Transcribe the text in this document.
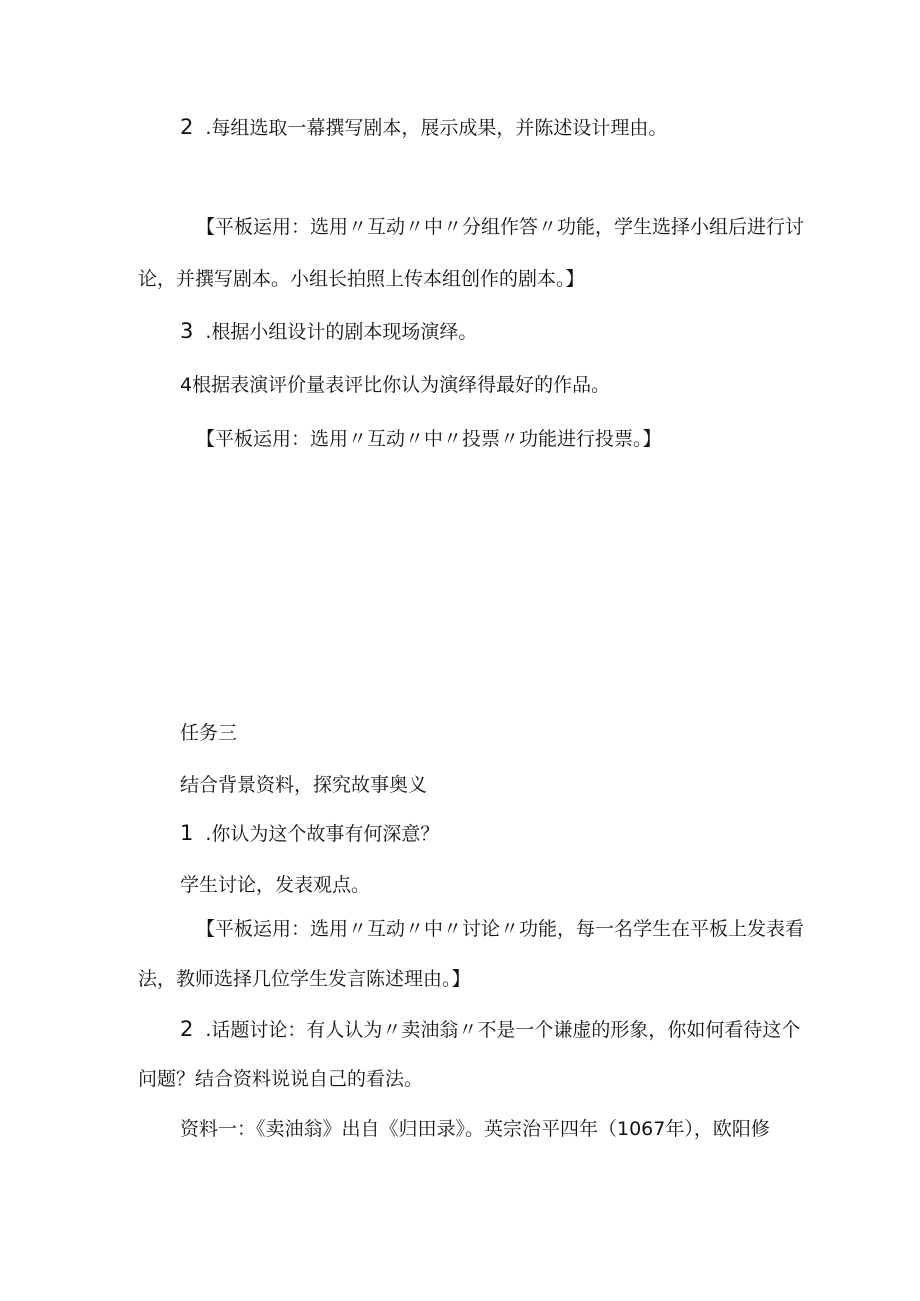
2 .每组选取一幕撰写剧本，展示成果，并陈述设计理由。
【平板运用：选用〃互动〃中〃分组作答〃功能，学生选择小组后进行讨
论，并撰写剧本。小组长拍照上传本组创作的剧本。】
3 .根据小组设计的剧本现场演绎。
4根据表演评价量表评比你认为演绎得最好的作品。
【平板运用：选用〃互动〃中〃投票〃功能进行投票。】
任务三
结合背景资料，探究故事奥义
1 .你认为这个故事有何深意？
学生讨论，发表观点。
【平板运用：选用〃互动〃中〃讨论〃功能，每一名学生在平板上发表看
法，教师选择几位学生发言陈述理由。】
2 .话题讨论：有人认为〃卖油翁〃不是一个谦虚的形象，你如何看待这个
问题？结合资料说说自己的看法。
资料一：《卖油翁》出自《归田录》。英宗治平四年（1067年），欧阳修
